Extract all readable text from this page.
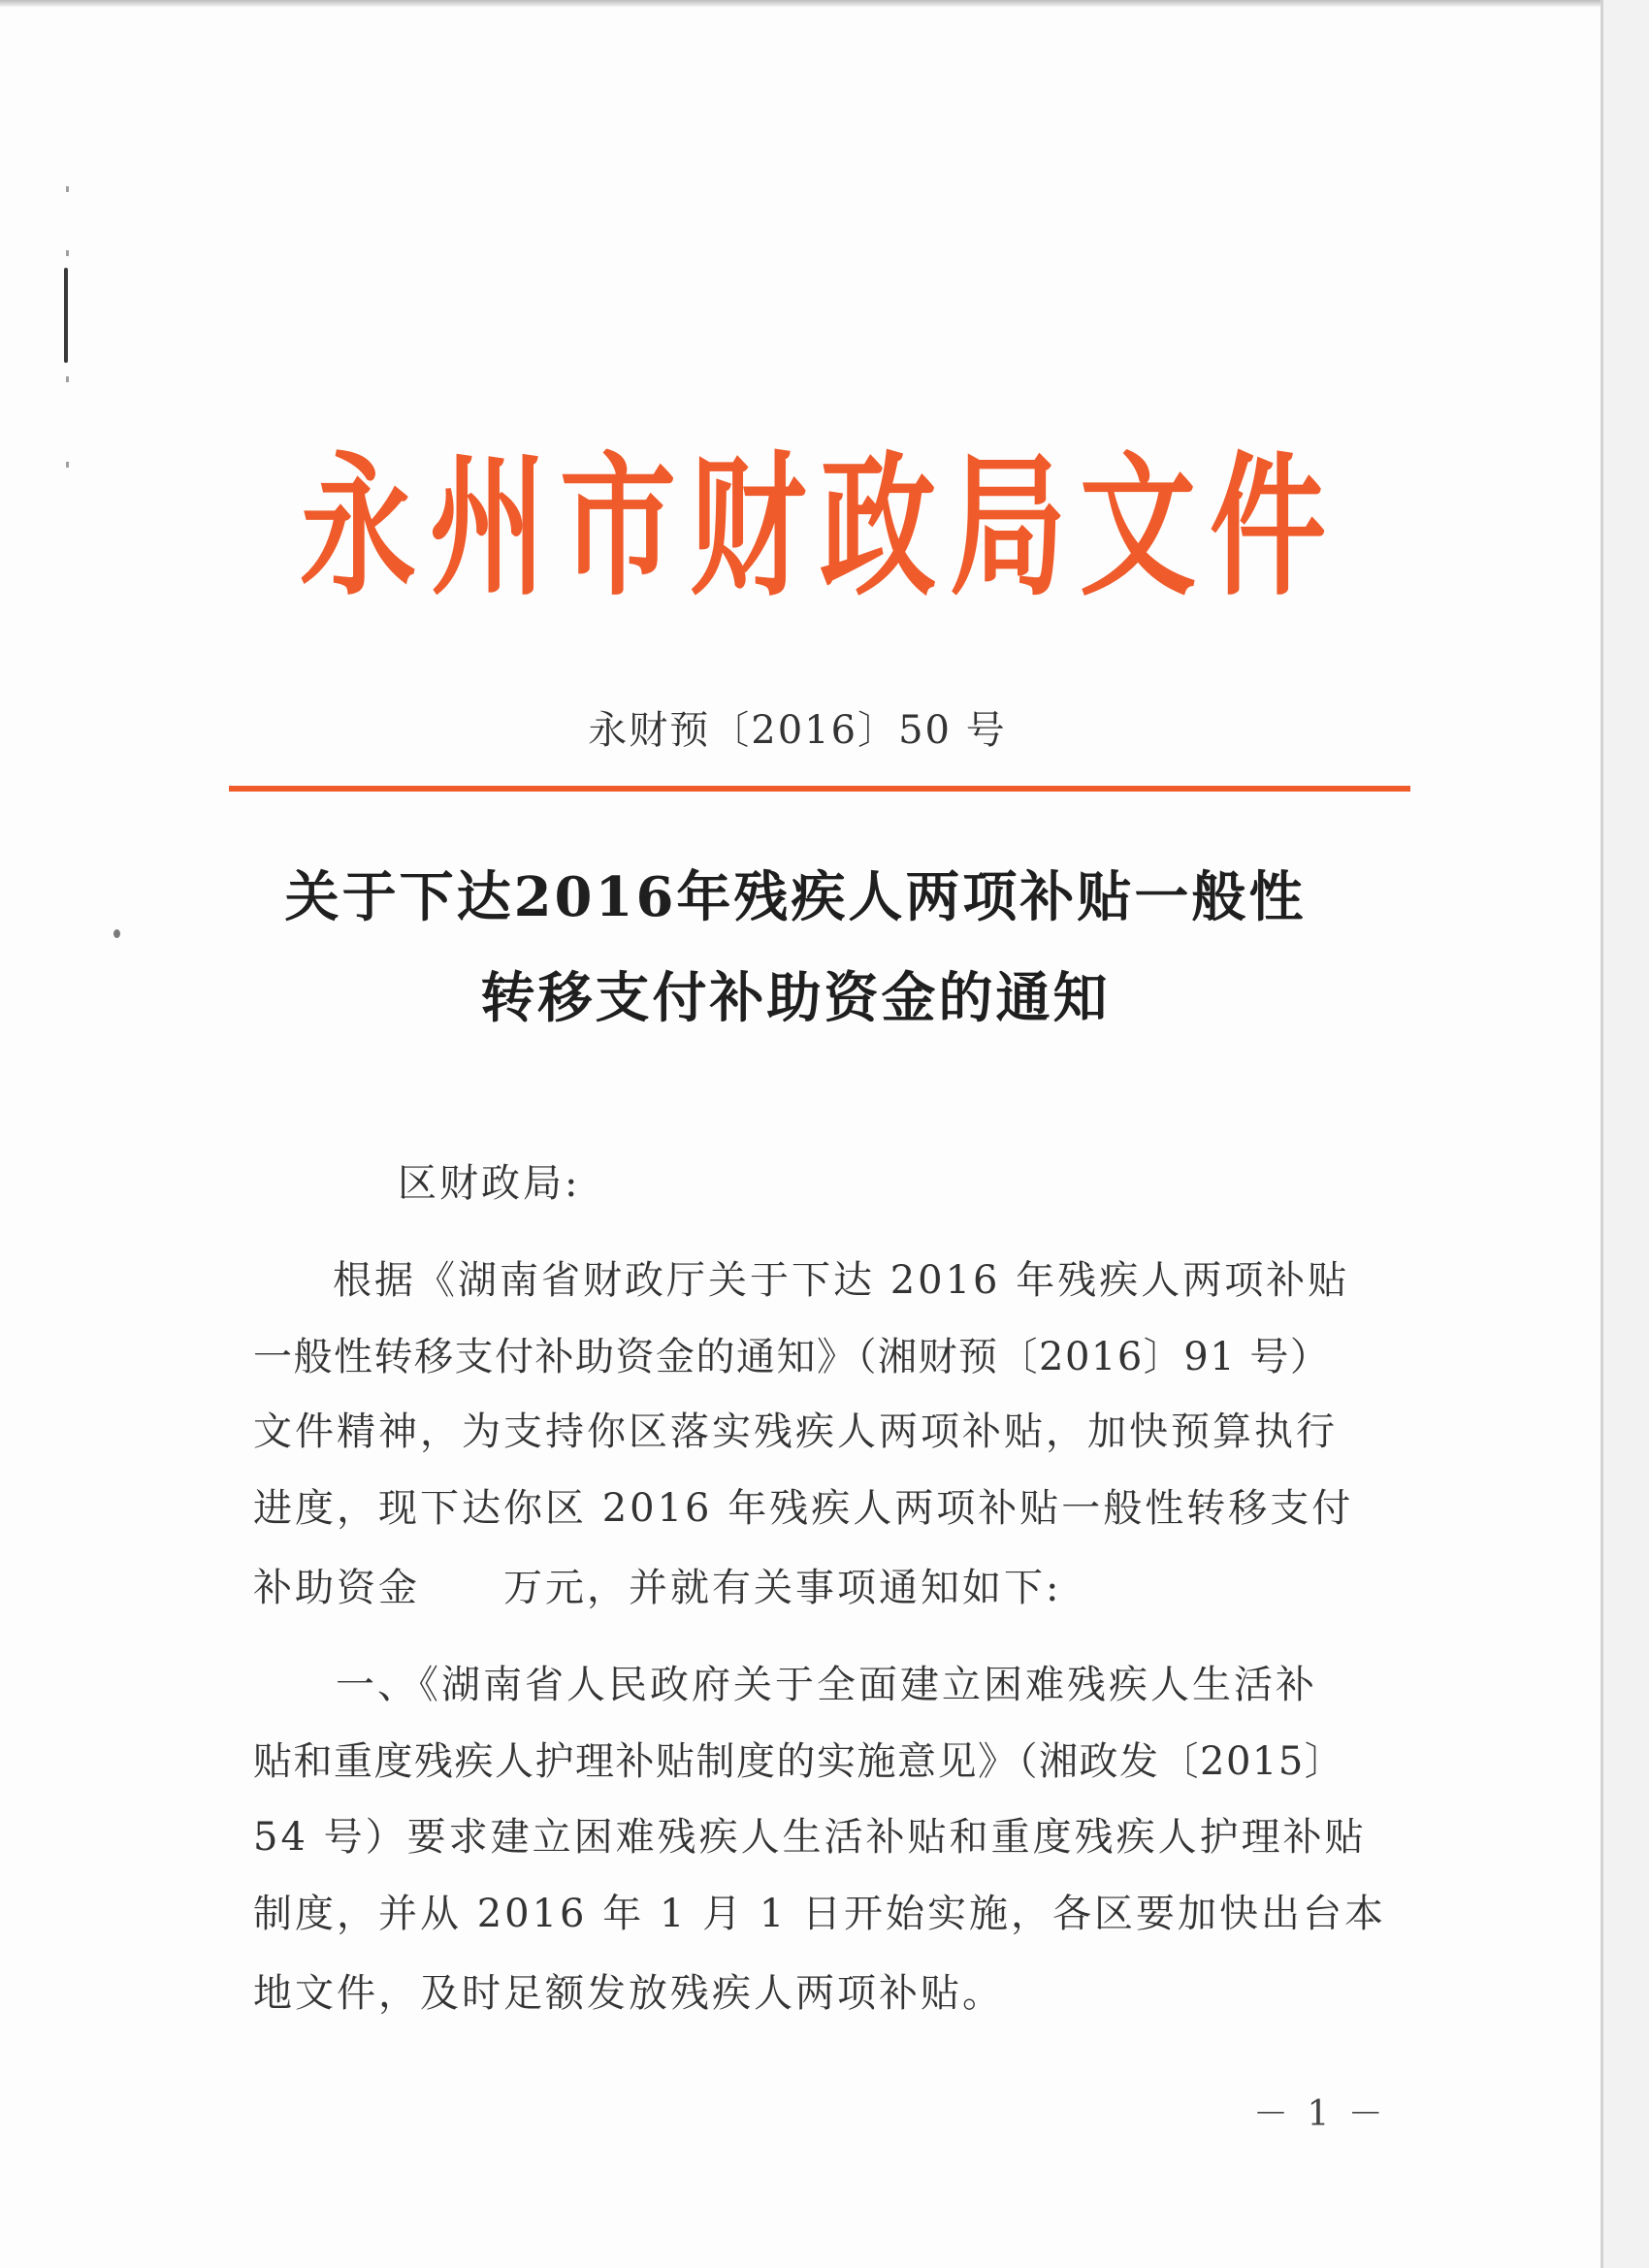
永州市财政局文件
永财预〔2016〕50 号
关于下达2016年残疾人两项补贴一般性
转移支付补助资金的通知
区财政局:
根据《湖南省财政厅关于下达 2016 年残疾人两项补贴
一般性转移支付补助资金的通知》（湘财预〔2016〕91 号）
文件精神，为支持你区落实残疾人两项补贴，加快预算执行
进度，现下达你区 2016 年残疾人两项补贴一般性转移支付
补助资金　　万元，并就有关事项通知如下:
一、《湖南省人民政府关于全面建立困难残疾人生活补
贴和重度残疾人护理补贴制度的实施意见》（湘政发〔2015〕
54 号）要求建立困难残疾人生活补贴和重度残疾人护理补贴
制度，并从 2016 年 1 月 1 日开始实施，各区要加快出台本
地文件，及时足额发放残疾人两项补贴。
－ 1 －
